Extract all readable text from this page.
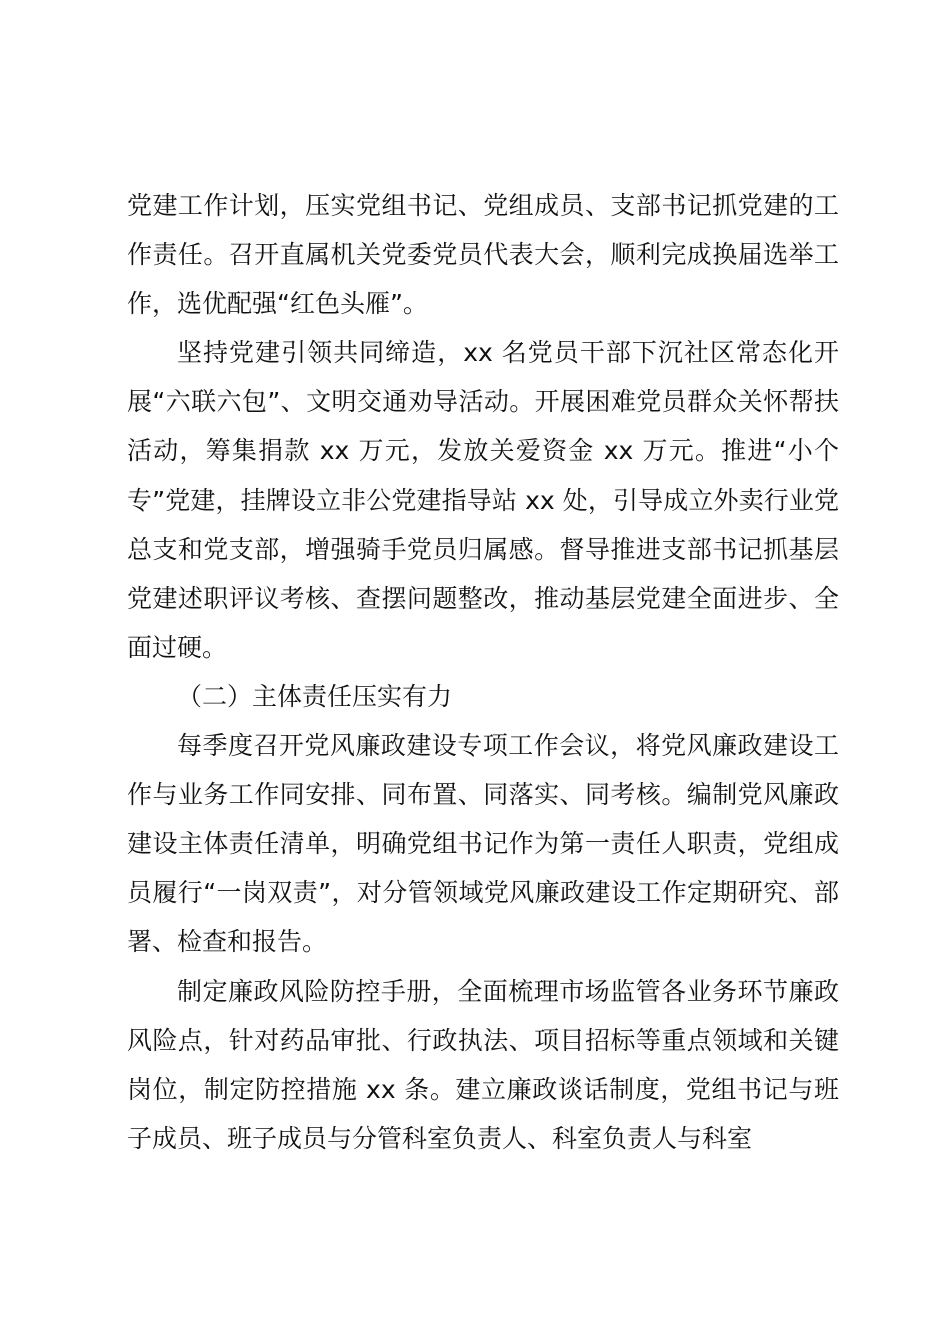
党建工作计划，压实党组书记、党组成员、支部书记抓党建的工作责任。召开直属机关党委党员代表大会，顺利完成换届选举工作，选优配强“红色头雁”。

坚持党建引领共同缔造，xx 名党员干部下沉社区常态化开展“六联六包”、文明交通劝导活动。开展困难党员群众关怀帮扶活动，筹集捐款 xx 万元，发放关爱资金 xx 万元。推进“小个专”党建，挂牌设立非公党建指导站 xx 处，引导成立外卖行业党总支和党支部，增强骑手党员归属感。督导推进支部书记抓基层党建述职评议考核、查摆问题整改，推动基层党建全面进步、全面过硬。

（二）主体责任压实有力

每季度召开党风廉政建设专项工作会议，将党风廉政建设工作与业务工作同安排、同布置、同落实、同考核。编制党风廉政建设主体责任清单，明确党组书记作为第一责任人职责，党组成员履行“一岗双责”，对分管领域党风廉政建设工作定期研究、部署、检查和报告。

制定廉政风险防控手册，全面梳理市场监管各业务环节廉政风险点，针对药品审批、行政执法、项目招标等重点领域和关键岗位，制定防控措施 xx 条。建立廉政谈话制度，党组书记与班子成员、班子成员与分管科室负责人、科室负责人与科室
